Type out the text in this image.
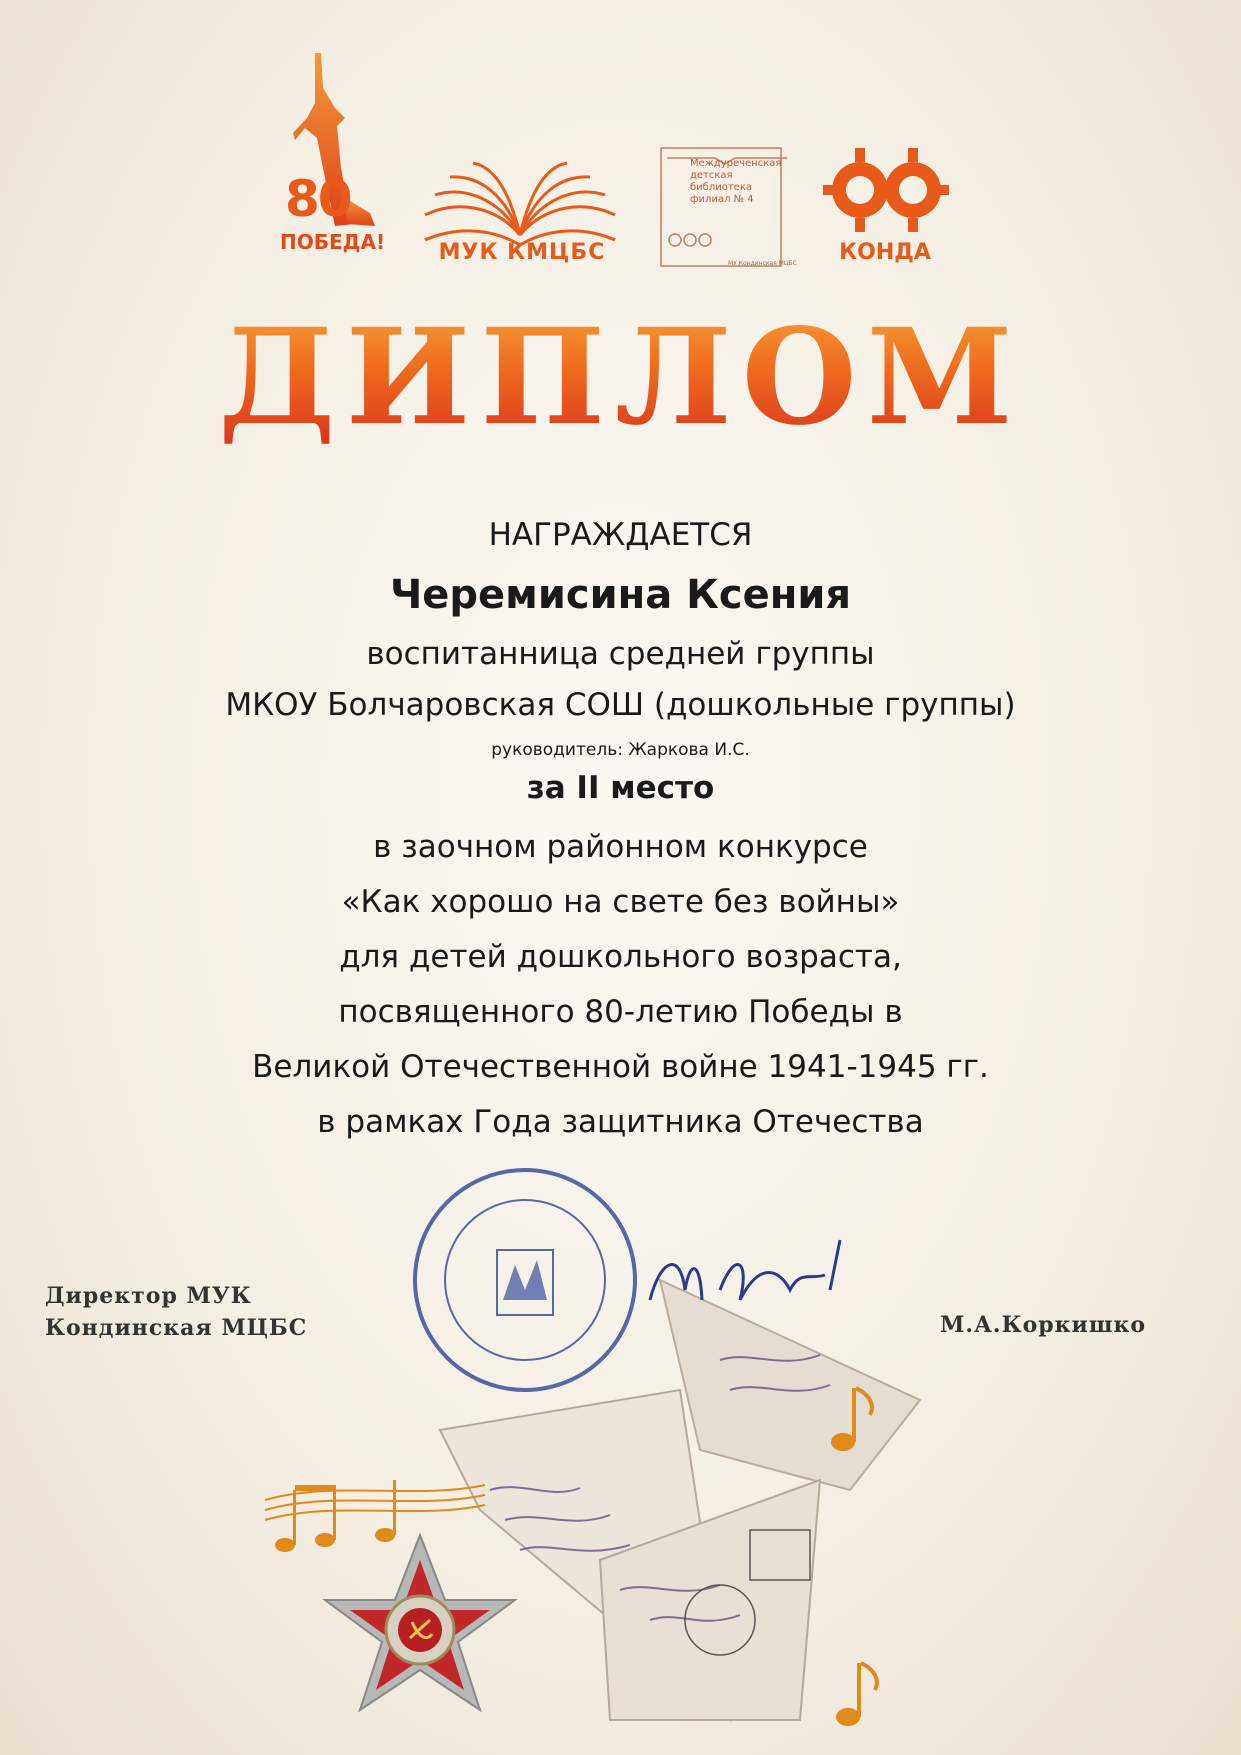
80
ПОБЕДА!	МУК КМЦБС
Междуреченская
детская
библиотека
филиал № 4
МУ Кондинская МЦБС КОНДА
ДИПЛОМ
НАГРАЖДАЕТСЯ
Черемисина Ксения
воспитанница средней группы
МКОУ Болчаровская СОШ (дошкольные группы)
руководитель: Жаркова И.С.
за II место
в заочном районном конкурсе
«Как хорошо на свете без войны»
для детей дошкольного возраста,
посвященного 80-летию Победы в
Великой Отечественной войне 1941-1945 гг.
в рамках Года защитника Отечества
Директор МУК
Кондинская МЦБС	М.А.Коркишко
